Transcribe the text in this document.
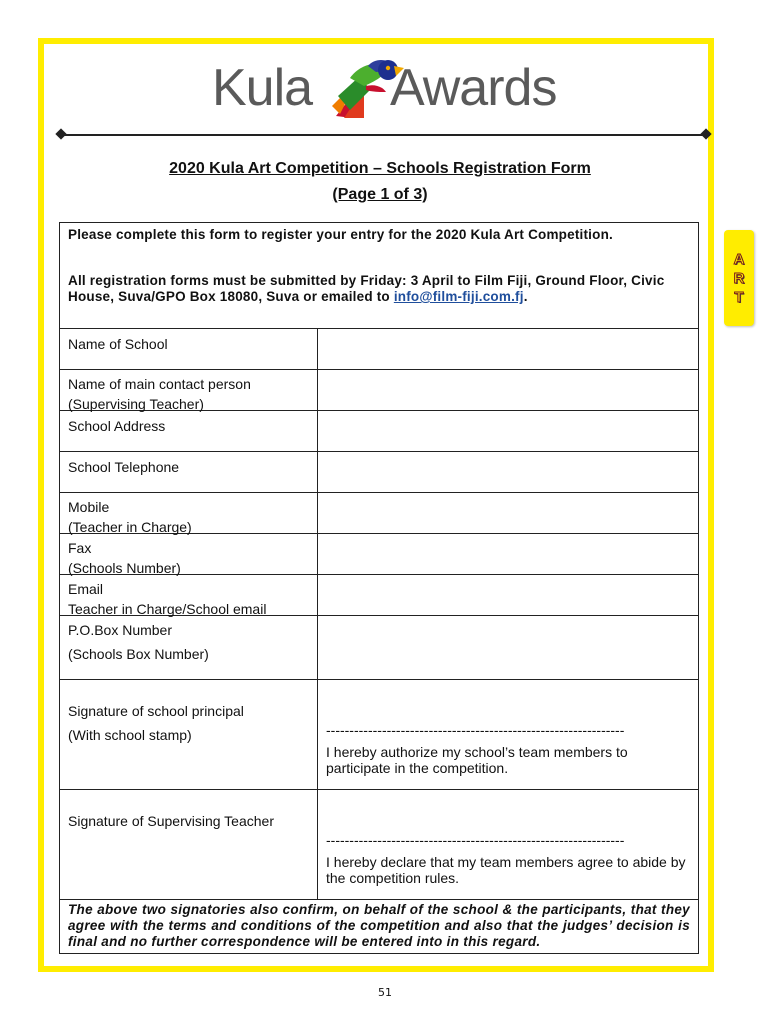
A
R
T
Kula Awards
2020 Kula Art Competition – Schools Registration Form
(Page 1 of 3)

Please complete this form to register your entry for the 2020 Kula Art Competition.

All registration forms must be submitted by Friday: 3 April to Film Fiji, Ground Floor, Civic House, Suva/GPO Box 18080, Suva or emailed to info@film-fiji.com.fj.

Name of School
Name of main contact person
(Supervising Teacher)
School Address
School Telephone
Mobile
(Teacher in Charge)
Fax
(Schools Number)
Email
Teacher in Charge/School email
P.O.Box Number
(Schools Box Number)
Signature of school principal
(With school stamp)	----------------------------------------------------------------

I hereby authorize my school’s team members to participate in the competition.

Signature of Supervising Teacher
----------------------------------------------------------------

I hereby declare that my team members agree to abide by the competition rules.

The above two signatories also confirm, on behalf of the school & the participants, that they agree with the terms and conditions of the competition and also that the judges’ decision is final and no further correspondence will be entered into in this regard.
51
